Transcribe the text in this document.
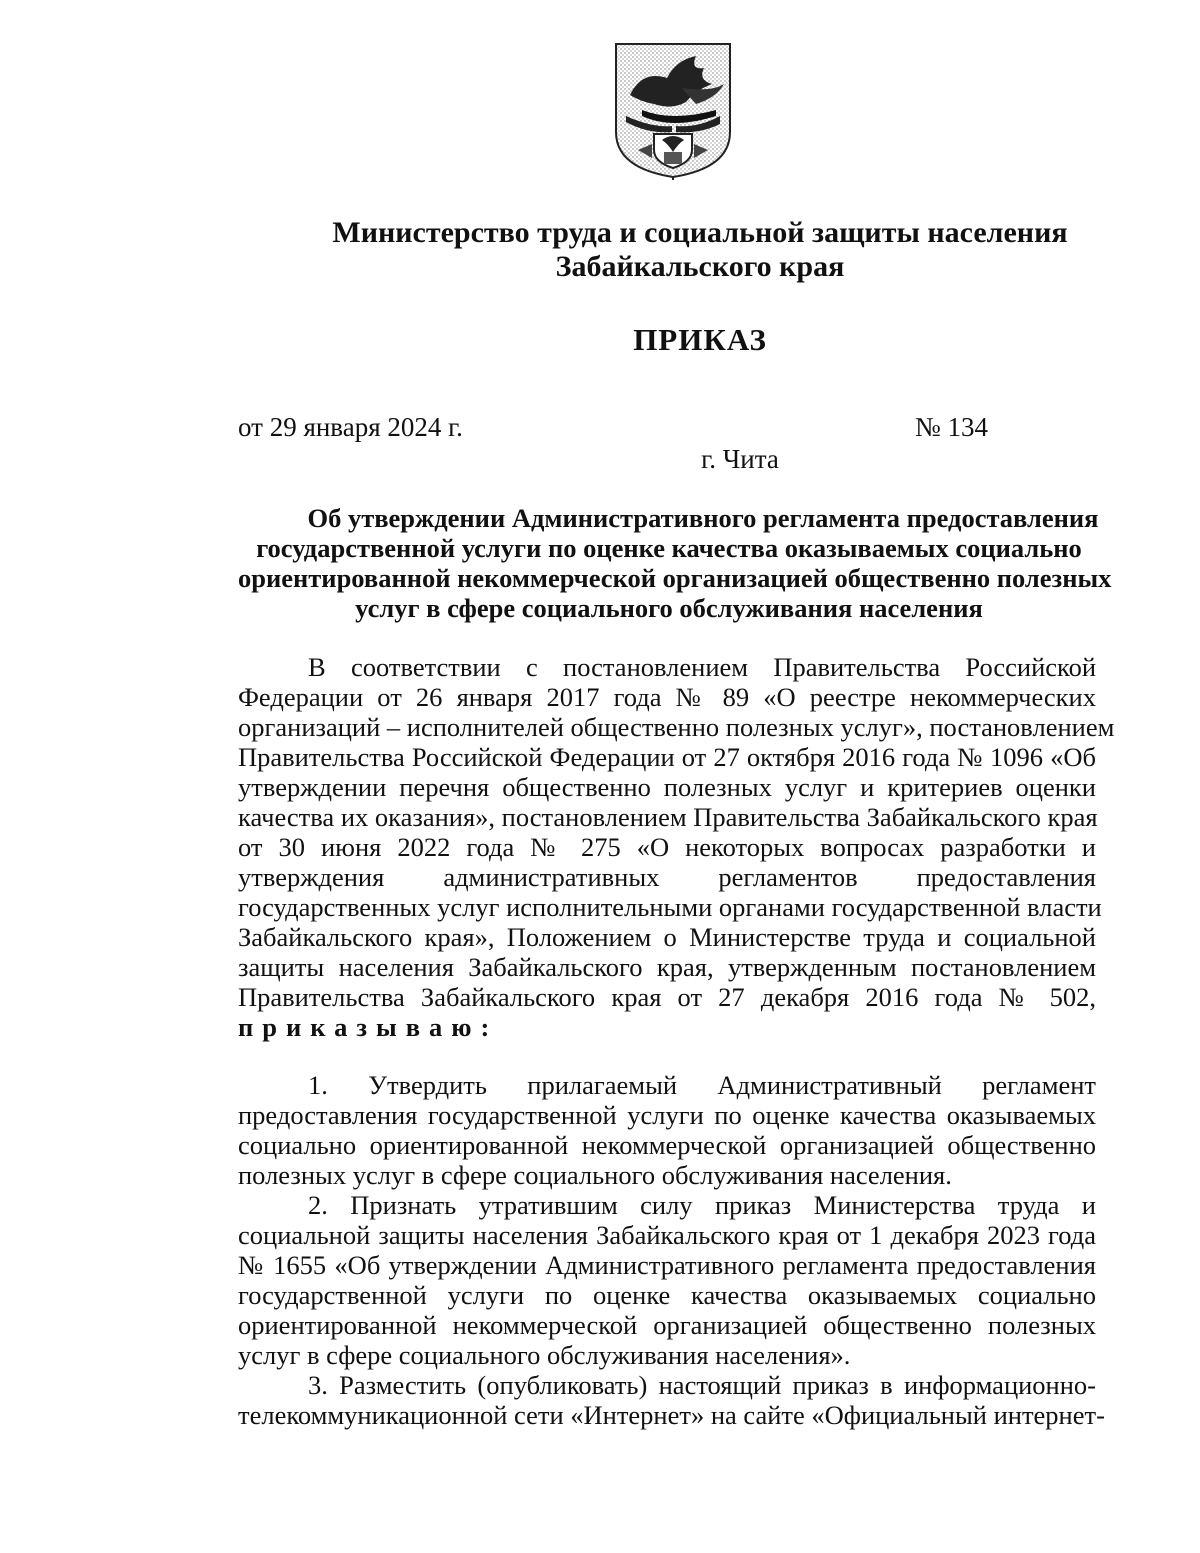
Министерство труда и социальной защиты населения
Забайкальского края
ПРИКАЗ
от 29 января 2024 г.	№ 134
г. Чита
Об утверждении Административного регламента предоставления
государственной услуги по оценке качества оказываемых социально
ориентированной некоммерческой организацией общественно полезных
услуг в сфере социального обслуживания населения
В соответствии с постановлением Правительства Российской
Федерации от 26 января 2017 года № 89 «О реестре некоммерческих
организаций – исполнителей общественно полезных услуг», постановлением
Правительства Российской Федерации от 27 октября 2016 года № 1096 «Об
утверждении перечня общественно полезных услуг и критериев оценки
качества их оказания», постановлением Правительства Забайкальского края
от 30 июня 2022 года № 275 «О некоторых вопросах разработки и
утверждения административных регламентов предоставления
государственных услуг исполнительными органами государственной власти
Забайкальского края», Положением о Министерстве труда и социальной
защиты населения Забайкальского края, утвержденным постановлением
Правительства Забайкальского края от 27 декабря 2016 года № 502,
приказываю:
1. Утвердить прилагаемый Административный регламент
предоставления государственной услуги по оценке качества оказываемых
социально ориентированной некоммерческой организацией общественно
полезных услуг в сфере социального обслуживания населения.
2. Признать утратившим силу приказ Министерства труда и
социальной защиты населения Забайкальского края от 1 декабря 2023 года
№ 1655 «Об утверждении Административного регламента предоставления
государственной услуги по оценке качества оказываемых социально
ориентированной некоммерческой организацией общественно полезных
услуг в сфере социального обслуживания населения».
3. Разместить (опубликовать) настоящий приказ в информационно-
телекоммуникационной сети «Интернет» на сайте «Официальный интернет-
